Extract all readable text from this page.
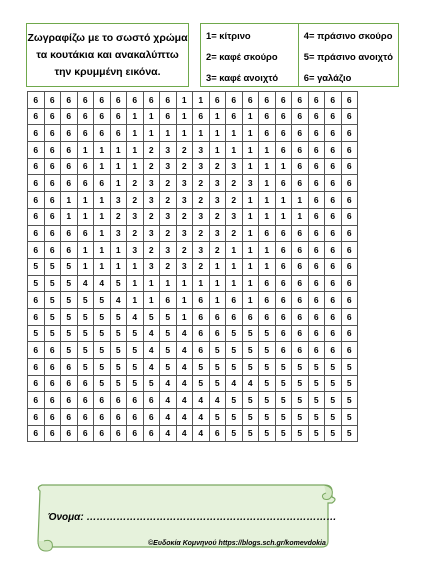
Ζωγραφίζω με το σωστό χρώμα
τα κουτάκια και ανακαλύπτω
την κρυμμένη εικόνα.
1= κίτρινο
2= καφέ σκούρο
3= καφέ ανοιχτό
4= πράσινο σκούρο
5= πράσινο ανοιχτό
6= γαλάζιο
6	6	6	6	6	6	6	6	6	1	1	6	6	6	6	6	6	6	6	6
6	6	6	6	6	6	1	1	6	1	6	1	6	1	6	6	6	6	6	6
6	6	6	6	6	6	1	1	1	1	1	1	1	1	6	6	6	6	6	6
6	6	6	1	1	1	1	2	3	2	3	1	1	1	1	6	6	6	6	6
6	6	6	6	1	1	1	2	3	2	3	2	3	1	1	1	6	6	6	6
6	6	6	6	6	1	2	3	2	3	2	3	2	3	1	6	6	6	6	6
6	6	1	1	1	3	2	3	2	3	2	3	2	1	1	1	1	6	6	6
6	6	1	1	1	2	3	2	3	2	3	2	3	1	1	1	1	6	6	6
6	6	6	6	1	3	2	3	2	3	2	3	2	1	6	6	6	6	6	6
6	6	6	1	1	1	3	2	3	2	3	2	1	1	1	6	6	6	6	6
5	5	5	1	1	1	1	3	2	3	2	1	1	1	1	6	6	6	6	6
5	5	5	4	4	5	1	1	1	1	1	1	1	1	6	6	6	6	6	6
6	5	5	5	5	4	1	1	6	1	6	1	6	1	6	6	6	6	6	6
6	5	5	5	5	5	4	5	5	1	6	6	6	6	6	6	6	6	6	6
5	5	5	5	5	5	5	4	5	4	6	6	5	5	5	6	6	6	6	6
6	6	5	5	5	5	5	4	5	4	6	5	5	5	5	6	6	6	6	6
6	6	6	5	5	5	5	4	5	4	5	5	5	5	5	5	5	5	5	5
6	6	6	6	5	5	5	5	4	4	5	5	4	4	5	5	5	5	5	5
6	6	6	6	6	6	6	6	4	4	4	4	5	5	5	5	5	5	5	5
6	6	6	6	6	6	6	6	4	4	4	5	5	5	5	5	5	5	5	5
6	6	6	6	6	6	6	6	4	4	4	6	5	5	5	5	5	5	5	5
Όνομα: …………………………………………………………………
©Ευδοκία Κομνηνού https://blogs.sch.gr/komevdokia
